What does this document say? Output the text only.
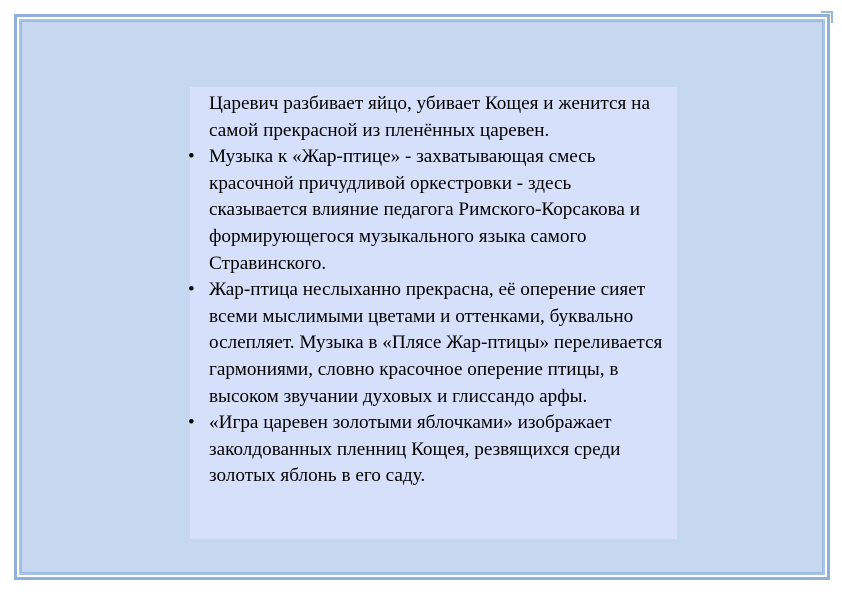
Царевич разбивает яйцо, убивает Кощея и женится на самой прекрасной из пленённых царевен.

• Музыка к «Жар-птице» - захватывающая смесь красочной причудливой оркестровки - здесь сказывается влияние педагога Римского-Корсакова и формирующегося музыкального языка самого Стравинского.
• Жар-птица неслыханно прекрасна, её оперение сияет всеми мыслимыми цветами и оттенками, буквально ослепляет. Музыка в «Плясе Жар-птицы» переливается гармониями, словно красочное оперение птицы, в высоком звучании духовых и глиссандо арфы.
• «Игра царевен золотыми яблочками» изображает заколдованных пленниц Кощея, резвящихся среди золотых яблонь в его саду.
